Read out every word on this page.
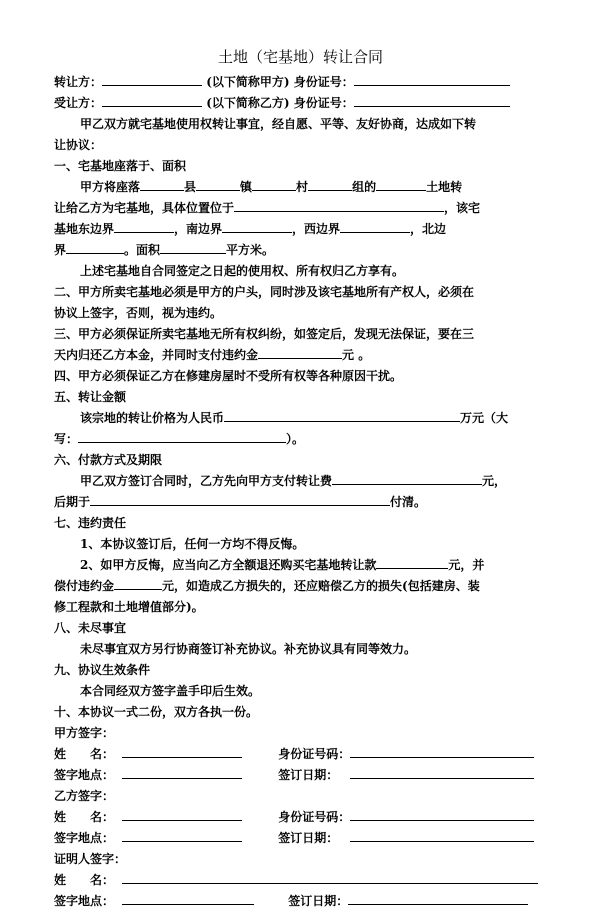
土地（宅基地）转让合同
转让方：	(以下简称甲方) 身份证号：
受让方：	(以下简称乙方) 身份证号：
甲乙双方就宅基地使用权转让事宜，经自愿、平等、友好协商，达成如下转
让协议：
一、宅基地座落于、面积
甲方将座落	县	镇	村	组的	土地转
让给乙方为宅基地，具体位置位于	，该宅
基地东边界	，南边界	，西边界	，北边
界	。面积	平方米。
上述宅基地自合同签定之日起的使用权、所有权归乙方享有。
二、甲方所卖宅基地必须是甲方的户头，同时涉及该宅基地所有产权人，必须在
协议上签字，否则，视为违约。
三、甲方必须保证所卖宅基地无所有权纠纷，如签定后，发现无法保证，要在三
天内归还乙方本金，并同时支付违约金	元 。
四、甲方必须保证乙方在修建房屋时不受所有权等各种原因干扰。
五、转让金额
该宗地的转让价格为人民币	万元（大
写：	）。
六、付款方式及期限
甲乙双方签订合同时，乙方先向甲方支付转让费	元，
后期于	付清。
七、违约责任
1、本协议签订后，任何一方均不得反悔。
2、如甲方反悔，应当向乙方全额退还购买宅基地转让款	元，并
偿付违约金	元，如造成乙方损失的，还应赔偿乙方的损失(包括建房、装
修工程款和土地增值部分)。
八、未尽事宜
未尽事宜双方另行协商签订补充协议。补充协议具有同等效力。
九、协议生效条件
本合同经双方签字盖手印后生效。
十、本协议一式二份，双方各执一份。
甲方签字：
姓　　名：	身份证号码：
签字地点：	签订日期：
乙方签字：
姓　　名：	身份证号码：
签字地点：	签订日期：
证明人签字：
姓　　名：
签字地点：	签订日期：
